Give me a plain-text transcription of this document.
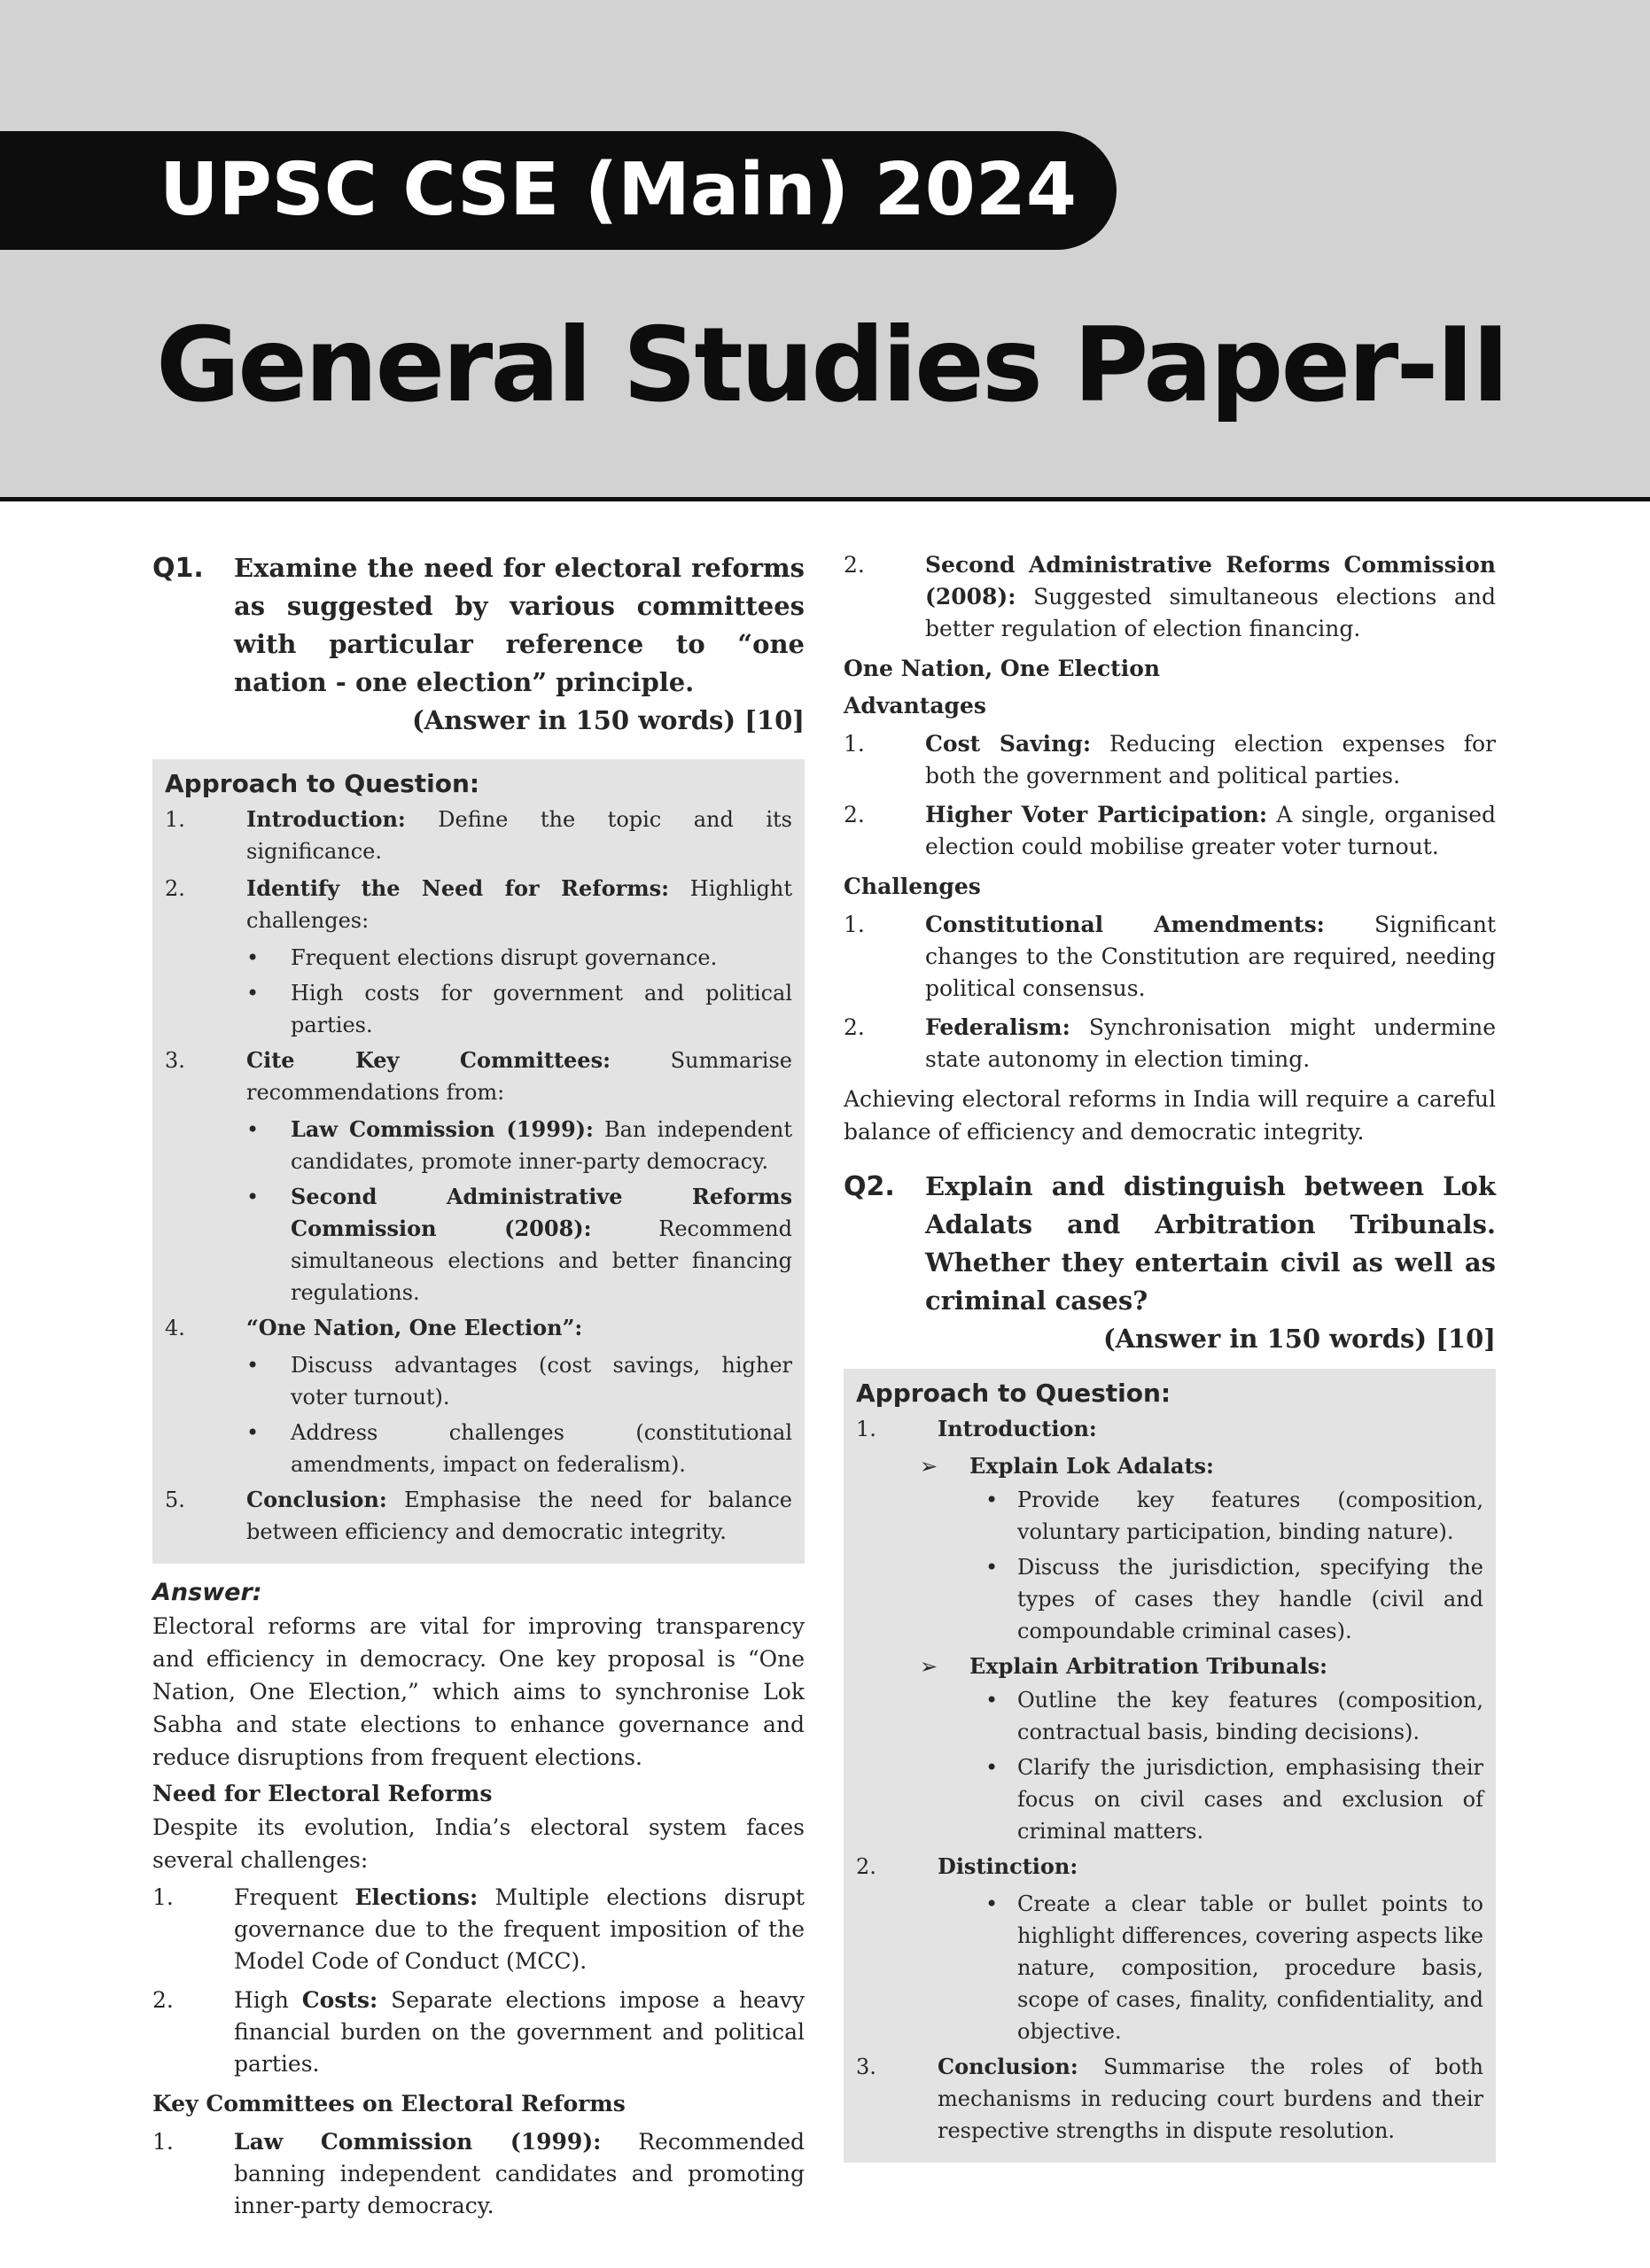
UPSC CSE (Main) 2024
General Studies Paper-II
Q1.	Examine the need for electoral reforms as suggested by various committees with particular reference to “one nation - one election” principle.
(Answer in 150 words) [10]
Approach to Question:
1.	Introduction: Define the topic and its significance.
2.	Identify the Need for Reforms: Highlight challenges:
•	Frequent elections disrupt governance.
•	High costs for government and political parties.
3.	Cite Key Committees: Summarise recommendations from:
•	Law Commission (1999): Ban independent candidates, promote inner-party democracy.
•	Second Administrative Reforms Commission (2008): Recommend simultaneous elections and better financing regulations.
4.	“One Nation, One Election”:
•	Discuss advantages (cost savings, higher voter turnout).
•	Address challenges (constitutional amendments, impact on federalism).
5.	Conclusion: Emphasise the need for balance between efficiency and democratic integrity.
Answer:

Electoral reforms are vital for improving transparency and efficiency in democracy. One key proposal is “One Nation, One Election,” which aims to synchronise Lok Sabha and state elections to enhance governance and reduce disruptions from frequent elections.

Need for Electoral Reforms

Despite its evolution, India’s electoral system faces several challenges:

1.	Frequent Elections: Multiple elections disrupt governance due to the frequent imposition of the Model Code of Conduct (MCC).
2.	High Costs: Separate elections impose a heavy financial burden on the government and political parties.
Key Committees on Electoral Reforms
1.	Law Commission (1999): Recommended banning independent candidates and promoting inner-party democracy.
2.	Second Administrative Reforms Commission (2008): Suggested simultaneous elections and better regulation of election financing.
One Nation, One Election
Advantages
1.	Cost Saving: Reducing election expenses for both the government and political parties.
2.	Higher Voter Participation: A single, organised election could mobilise greater voter turnout.
Challenges
1.	Constitutional Amendments: Significant changes to the Constitution are required, needing political consensus.
2.	Federalism: Synchronisation might undermine state autonomy in election timing.

Achieving electoral reforms in India will require a careful balance of efficiency and democratic integrity.

Q2.	Explain and distinguish between Lok Adalats and Arbitration Tribunals. Whether they entertain civil as well as criminal cases?
(Answer in 150 words) [10]
Approach to Question:
1.	Introduction:
➢	Explain Lok Adalats:
• Provide key features (composition, voluntary participation, binding nature).
• Discuss the jurisdiction, specifying the types of cases they handle (civil and compoundable criminal cases).
➢	Explain Arbitration Tribunals:
• Outline the key features (composition, contractual basis, binding decisions).
• Clarify the jurisdiction, emphasising their focus on civil cases and exclusion of criminal matters.
2.	Distinction:
• Create a clear table or bullet points to highlight differences, covering aspects like nature, composition, procedure basis, scope of cases, finality, confidentiality, and objective.
3.	Conclusion: Summarise the roles of both mechanisms in reducing court burdens and their respective strengths in dispute resolution.
